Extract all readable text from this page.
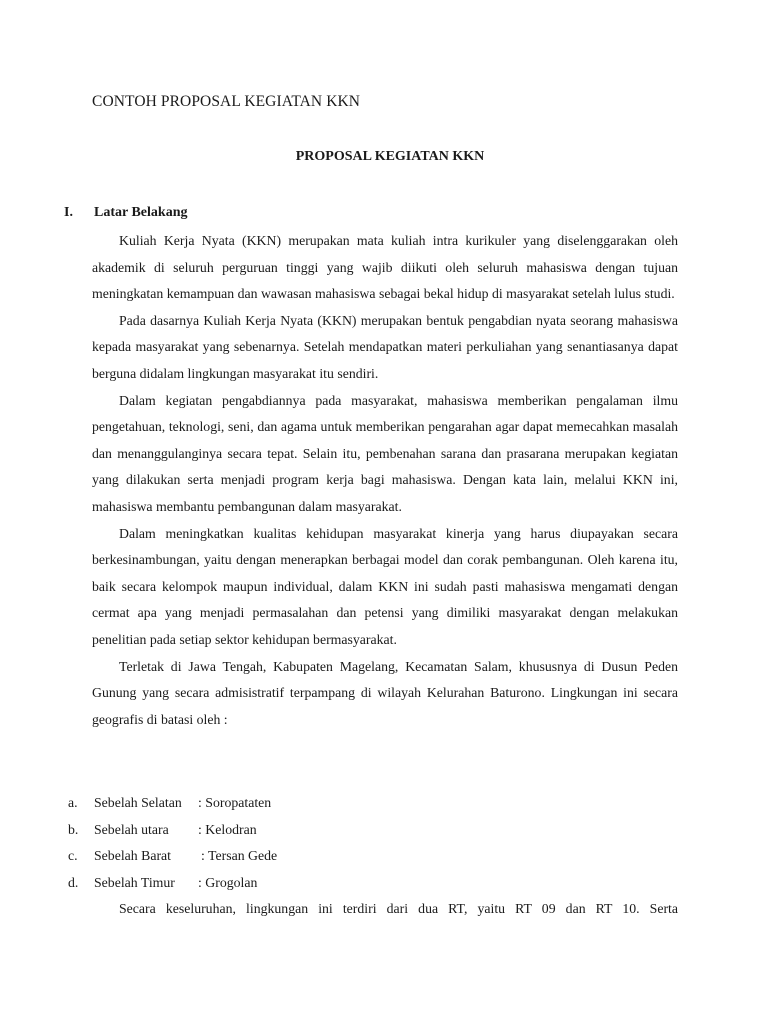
CONTOH PROPOSAL KEGIATAN KKN
PROPOSAL KEGIATAN KKN
I. Latar Belakang

Kuliah Kerja Nyata (KKN) merupakan mata kuliah intra kurikuler yang diselenggarakan oleh akademik di seluruh perguruan tinggi yang wajib diikuti oleh seluruh mahasiswa dengan tujuan meningkatan kemampuan dan wawasan mahasiswa sebagai bekal hidup di masyarakat setelah lulus studi.

Pada dasarnya Kuliah Kerja Nyata (KKN) merupakan bentuk pengabdian nyata seorang mahasiswa kepada masyarakat yang sebenarnya. Setelah mendapatkan materi perkuliahan yang senantiasanya dapat berguna didalam lingkungan masyarakat itu sendiri.

Dalam kegiatan pengabdiannya pada masyarakat, mahasiswa memberikan pengalaman ilmu pengetahuan, teknologi, seni, dan agama untuk memberikan pengarahan agar dapat memecahkan masalah dan menanggulanginya secara tepat. Selain itu, pembenahan sarana dan prasarana merupakan kegiatan yang dilakukan serta menjadi program kerja bagi mahasiswa. Dengan kata lain, melalui KKN ini, mahasiswa membantu pembangunan dalam masyarakat.

Dalam meningkatkan kualitas kehidupan masyarakat kinerja yang harus diupayakan secara berkesinambungan, yaitu dengan menerapkan berbagai model dan corak pembangunan. Oleh karena itu, baik secara kelompok maupun individual, dalam KKN ini sudah pasti mahasiswa mengamati dengan cermat apa yang menjadi permasalahan dan petensi yang dimiliki masyarakat dengan melakukan penelitian pada setiap sektor kehidupan bermasyarakat.

Terletak di Jawa Tengah, Kabupaten Magelang, Kecamatan Salam, khususnya di Dusun Peden Gunung yang secara admisistratif terpampang di wilayah Kelurahan Baturono. Lingkungan ini secara geografis di batasi oleh :

a. Sebelah Selatan : Soropataten
b. Sebelah utara : Kelodran
c. Sebelah Barat : Tersan Gede
d. Sebelah Timur : Grogolan

Secara keseluruhan, lingkungan ini terdiri dari dua RT, yaitu RT 09 dan RT 10. Serta
